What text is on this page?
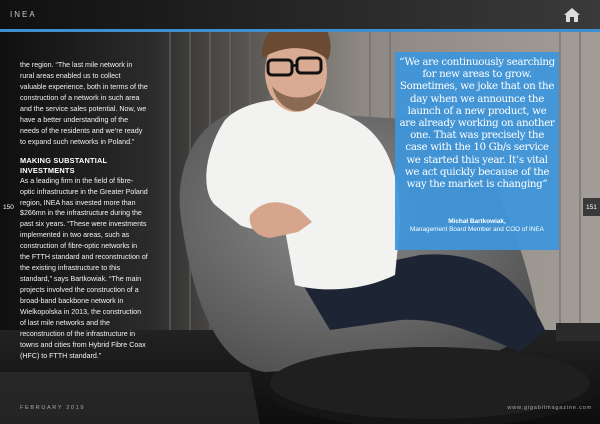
INEA

the region. “The last mile network in rural areas enabled us to collect valuable experience, both in terms of the construction of a network in such area and the service sales potential. Now, we have a better understanding of the needs of the residents and we’re ready to expand such networks in Poland.”

MAKING SUBSTANTIAL INVESTMENTS

As a leading firm in the field of fibre-optic infrastructure in the Greater Poland region, INEA has invested more than $266mn in the infrastructure during the past six years. “These were investments implemented in two areas, such as construction of fibre-optic networks in the FTTH standard and reconstruction of the existing infrastructure to this standard,” says Bartkowiak. “The main projects involved the construction of a broad-band backbone network in Wielkopolska in 2013, the construction of last mile networks and the reconstruction of the infrastructure in towns and cities from Hybrid Fibre Coax (HFC) to FTTH standard.”

150	151
“We are continuously searching for new areas to grow. Sometimes, we joke that on the day when we announce the launch of a new product, we are already working on another one. That was precisely the case with the 10 Gb/s service we started this year. It’s vital we act quickly because of the way the market is changing”
Michał Bartkowiak,
Management Board Member and COO of INEA
FEBRUARY 2019	www.gigabitmagazine.com
